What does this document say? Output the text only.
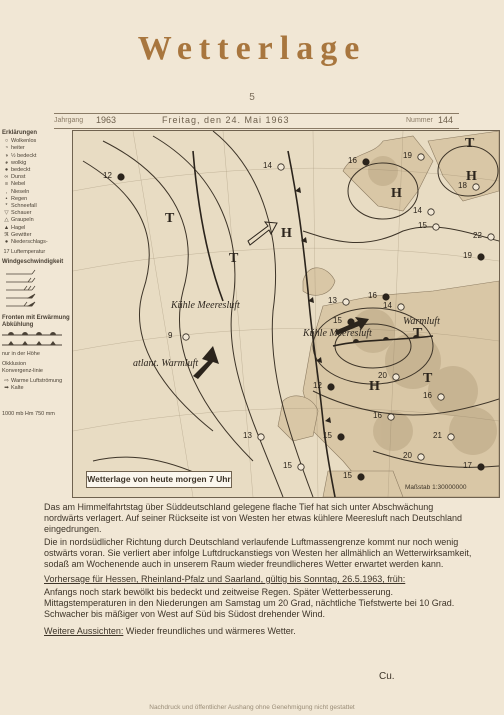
Wetterlage
5
Jahrgang 1963	Freitag, den 24. Mai 1963	Nummer 144
Erklärungen
○ Wolkenlos
◔ heiter
◑ ½ bedeckt
◕ wolkig
● bedeckt
∞ Dunst
≡ Nebel
, Nieseln
• Regen
* Schneefall
▽ Schauer
△ Graupeln
▲ Hagel
ℜ Gewitter
● Niederschlags-
17Luftemperatur
Windgeschwindigkeit
Fronten mit Erwärmung Abkühlung
nur in der Höhe
Okklusion
Konvergenz-linie
⇨ Warme Luftströmung
➡ Kalte
1000 mb Hm 750 mm
Kühle Meeresluft
Kühle Meeresluft
atlant. Warmluft
Warmluft
H
H
H
T
T
T
T
T
H
12
14
19
16
18
15
19
22
14
16
13
14
15
9
20
12
16
13	15	21
15
15
16
20
17
Wetterlage von heute morgen 7 Uhr
Maßstab 1:30000000

Das am Himmelfahrtstag über Süddeutschland gelegene flache Tief hat sich unter Abschwächung nordwärts verlagert. Auf seiner Rückseite ist von Westen her etwas kühlere Meeresluft nach Deutschland eingedrungen.

Die in nordsüdlicher Richtung durch Deutschland verlaufende Luftmassengrenze kommt nur noch wenig ostwärts voran. Sie verliert aber infolge Luftdruckanstiegs von Westen her allmählich an Wetterwirksamkeit, sodaß am Wochenende auch in unserem Raum wieder freundlicheres Wetter erwartet werden kann.

Vorhersage für Hessen, Rheinland-Pfalz und Saarland, gültig bis Sonntag, 26.5.1963, früh:

Anfangs noch stark bewölkt bis bedeckt und zeitweise Regen. Später Wetterbesserung. Mittagstemperaturen in den Niederungen am Samstag um 20 Grad, nächtliche Tiefstwerte bei 10 Grad. Schwacher bis mäßiger von West auf Süd bis Südost drehender Wind.

Weitere Aussichten: Wieder freundliches und wärmeres Wetter.

Cu.
Nachdruck und öffentlicher Aushang ohne Genehmigung nicht gestattet
